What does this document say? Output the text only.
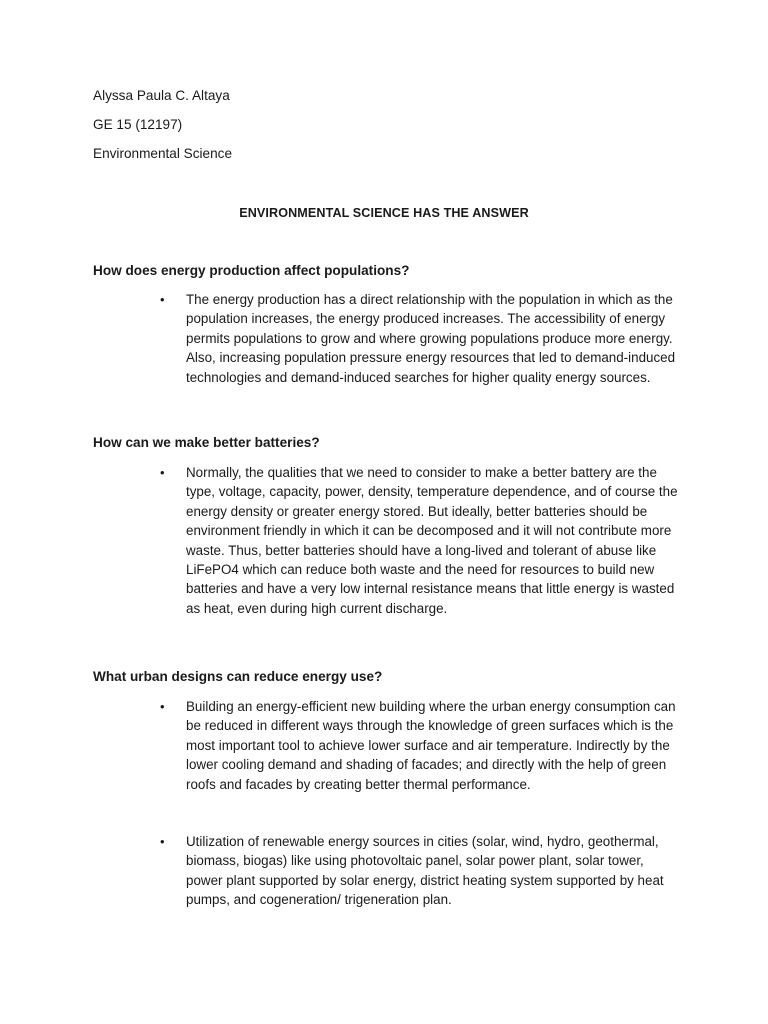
Alyssa Paula C. Altaya
GE 15 (12197)
Environmental Science
ENVIRONMENTAL SCIENCE HAS THE ANSWER
How does energy production affect populations?
•	The energy production has a direct relationship with the population in which as the population increases, the energy produced increases. The accessibility of energy permits populations to grow and where growing populations produce more energy. Also, increasing population pressure energy resources that led to demand-induced technologies and demand-induced searches for higher quality energy sources.
How can we make better batteries?
•	Normally, the qualities that we need to consider to make a better battery are the type, voltage, capacity, power, density, temperature dependence, and of course the energy density or greater energy stored. But ideally, better batteries should be environment friendly in which it can be decomposed and it will not contribute more waste. Thus, better batteries should have a long-lived and tolerant of abuse like LiFePO4 which can reduce both waste and the need for resources to build new batteries and have a very low internal resistance means that little energy is wasted as heat, even during high current discharge.
What urban designs can reduce energy use?
•	Building an energy-efficient new building where the urban energy consumption can be reduced in different ways through the knowledge of green surfaces which is the most important tool to achieve lower surface and air temperature. Indirectly by the lower cooling demand and shading of facades; and directly with the help of green roofs and facades by creating better thermal performance.
•	Utilization of renewable energy sources in cities (solar, wind, hydro, geothermal, biomass, biogas) like using photovoltaic panel, solar power plant, solar tower, power plant supported by solar energy, district heating system supported by heat pumps, and cogeneration/ trigeneration plan.
